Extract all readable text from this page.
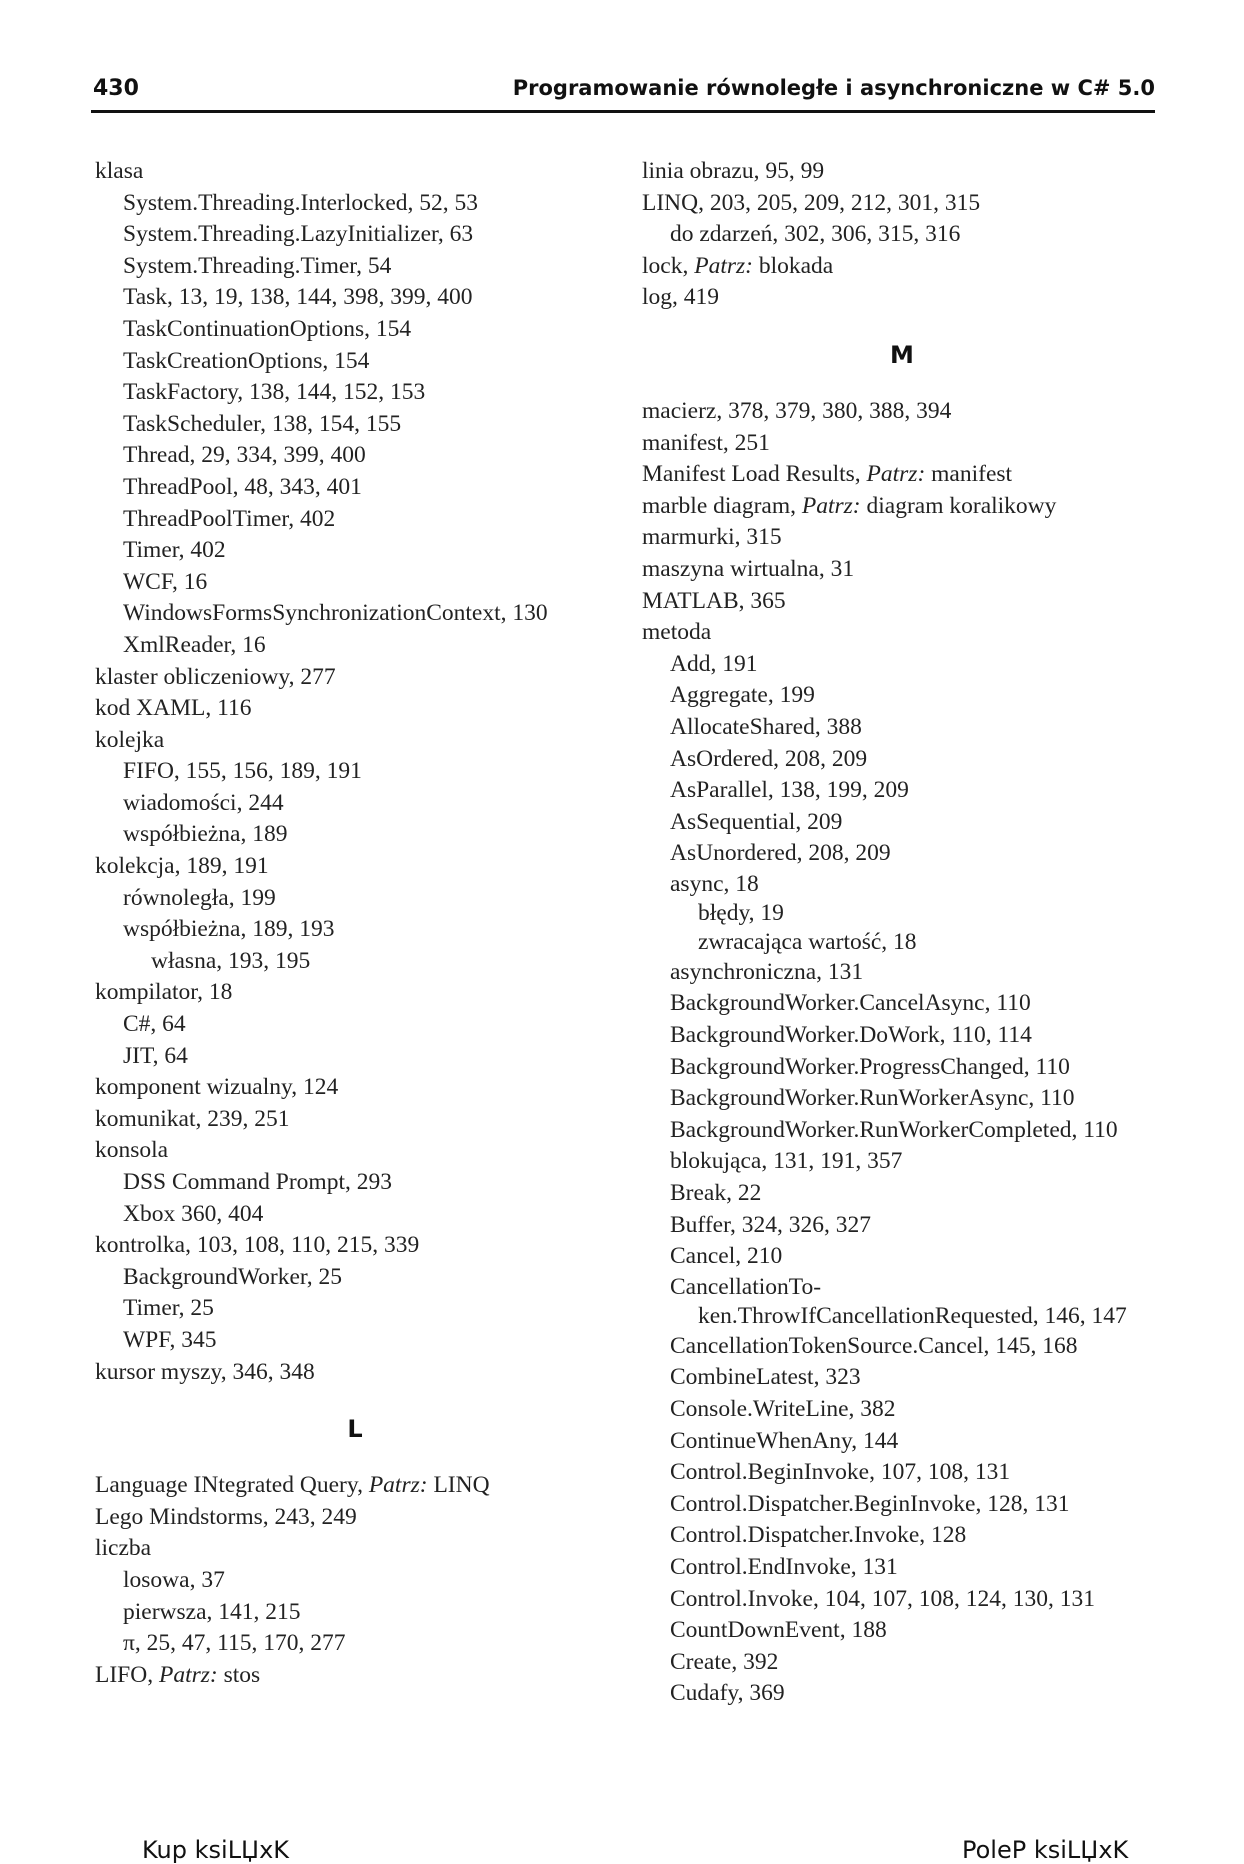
430	Programowanie równoległe i asynchroniczne w C# 5.0
klasa
System.Threading.Interlocked, 52, 53
System.Threading.LazyInitializer, 63
System.Threading.Timer, 54
Task, 13, 19, 138, 144, 398, 399, 400
TaskContinuationOptions, 154
TaskCreationOptions, 154
TaskFactory, 138, 144, 152, 153
TaskScheduler, 138, 154, 155
Thread, 29, 334, 399, 400
ThreadPool, 48, 343, 401
ThreadPoolTimer, 402
Timer, 402
WCF, 16
WindowsFormsSynchronizationContext, 130
XmlReader, 16
klaster obliczeniowy, 277
kod XAML, 116
kolejka
FIFO, 155, 156, 189, 191
wiadomości, 244
współbieżna, 189
kolekcja, 189, 191
równoległa, 199
współbieżna, 189, 193
własna, 193, 195
kompilator, 18
C#, 64
JIT, 64
komponent wizualny, 124
komunikat, 239, 251
konsola
DSS Command Prompt, 293
Xbox 360, 404
kontrolka, 103, 108, 110, 215, 339
BackgroundWorker, 25
Timer, 25
WPF, 345
kursor myszy, 346, 348
L
Language INtegrated Query, Patrz: LINQ
Lego Mindstorms, 243, 249
liczba
losowa, 37
pierwsza, 141, 215
π, 25, 47, 115, 170, 277
LIFO, Patrz: stos
linia obrazu, 95, 99
LINQ, 203, 205, 209, 212, 301, 315
do zdarzeń, 302, 306, 315, 316
lock, Patrz: blokada
log, 419
M
macierz, 378, 379, 380, 388, 394
manifest, 251
Manifest Load Results, Patrz: manifest
marble diagram, Patrz: diagram koralikowy
marmurki, 315
maszyna wirtualna, 31
MATLAB, 365
metoda
Add, 191
Aggregate, 199
AllocateShared, 388
AsOrdered, 208, 209
AsParallel, 138, 199, 209
AsSequential, 209
AsUnordered, 208, 209
async, 18
błędy, 19
zwracająca wartość, 18
asynchroniczna, 131
BackgroundWorker.CancelAsync, 110
BackgroundWorker.DoWork, 110, 114
BackgroundWorker.ProgressChanged, 110
BackgroundWorker.RunWorkerAsync, 110
BackgroundWorker.RunWorkerCompleted, 110
blokująca, 131, 191, 357
Break, 22
Buffer, 324, 326, 327
Cancel, 210
CancellationTo-
ken.ThrowIfCancellationRequested, 146, 147
CancellationTokenSource.Cancel, 145, 168
CombineLatest, 323
Console.WriteLine, 382
ContinueWhenAny, 144
Control.BeginInvoke, 107, 108, 131
Control.Dispatcher.BeginInvoke, 128, 131
Control.Dispatcher.Invoke, 128
Control.EndInvoke, 131
Control.Invoke, 104, 107, 108, 124, 130, 131
CountDownEvent, 188
Create, 392
Cudafy, 369
Kup ksiLЏxK	PoleP ksiLЏxK
